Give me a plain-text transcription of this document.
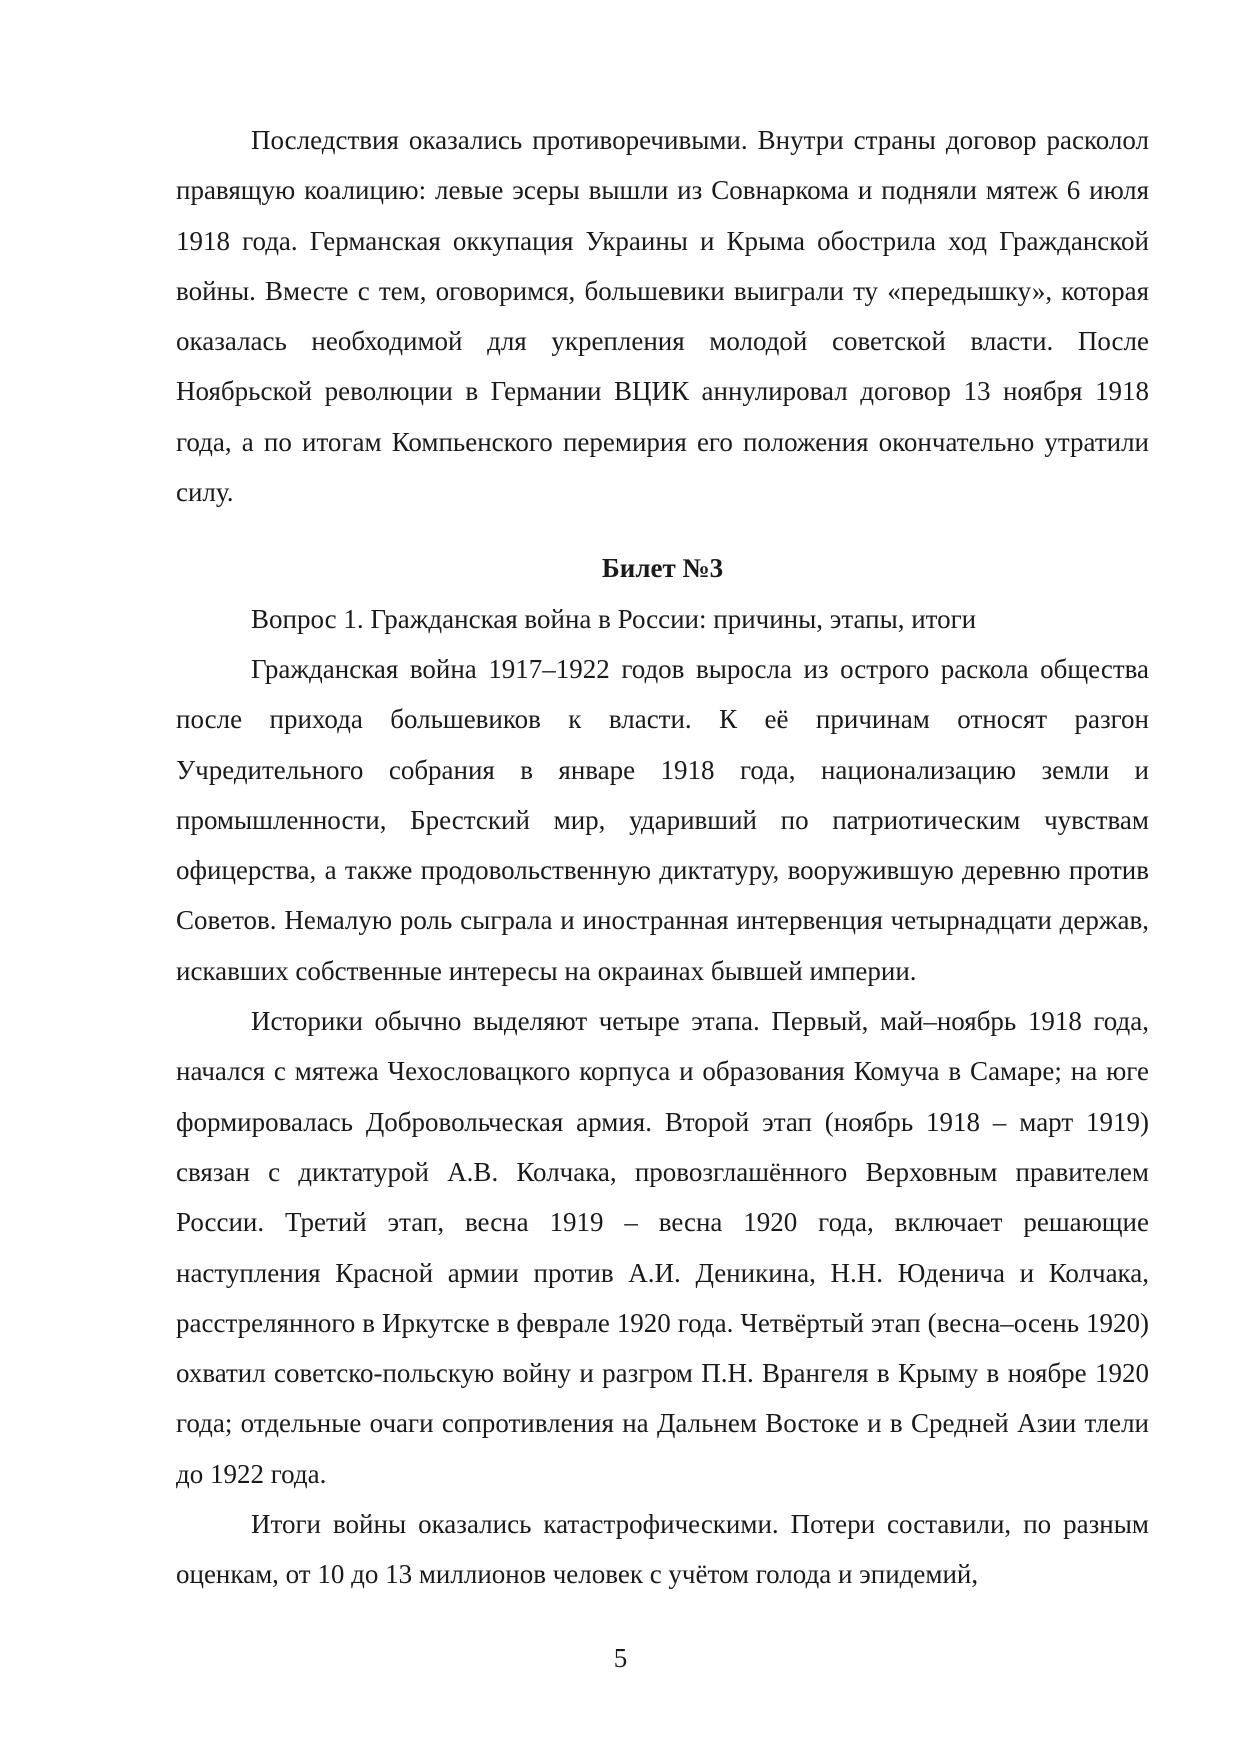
Последствия оказались противоречивыми. Внутри страны договор расколол правящую коалицию: левые эсеры вышли из Совнаркома и подняли мятеж 6 июля 1918 года. Германская оккупация Украины и Крыма обострила ход Гражданской войны. Вместе с тем, оговоримся, большевики выиграли ту «передышку», которая оказалась необходимой для укрепления молодой советской власти. После Ноябрьской революции в Германии ВЦИК аннулировал договор 13 ноября 1918 года, а по итогам Компьенского перемирия его положения окончательно утратили силу.

Билет №3

Вопрос 1. Гражданская война в России: причины, этапы, итоги

Гражданская война 1917–1922 годов выросла из острого раскола общества после прихода большевиков к власти. К её причинам относят разгон Учредительного собрания в январе 1918 года, национализацию земли и промышленности, Брестский мир, ударивший по патриотическим чувствам офицерства, а также продовольственную диктатуру, вооружившую деревню против Советов. Немалую роль сыграла и иностранная интервенция четырнадцати держав, искавших собственные интересы на окраинах бывшей империи.

Историки обычно выделяют четыре этапа. Первый, май–ноябрь 1918 года, начался с мятежа Чехословацкого корпуса и образования Комуча в Самаре; на юге формировалась Добровольческая армия. Второй этап (ноябрь 1918 – март 1919) связан с диктатурой А.В. Колчака, провозглашённого Верховным правителем России. Третий этап, весна 1919 – весна 1920 года, включает решающие наступления Красной армии против А.И. Деникина, Н.Н. Юденича и Колчака, расстрелянного в Иркутске в феврале 1920 года. Четвёртый этап (весна–осень 1920) охватил советско-польскую войну и разгром П.Н. Врангеля в Крыму в ноябре 1920 года; отдельные очаги сопротивления на Дальнем Востоке и в Средней Азии тлели до 1922 года.

Итоги войны оказались катастрофическими. Потери составили, по разным оценкам, от 10 до 13 миллионов человек с учётом голода и эпидемий,

5
